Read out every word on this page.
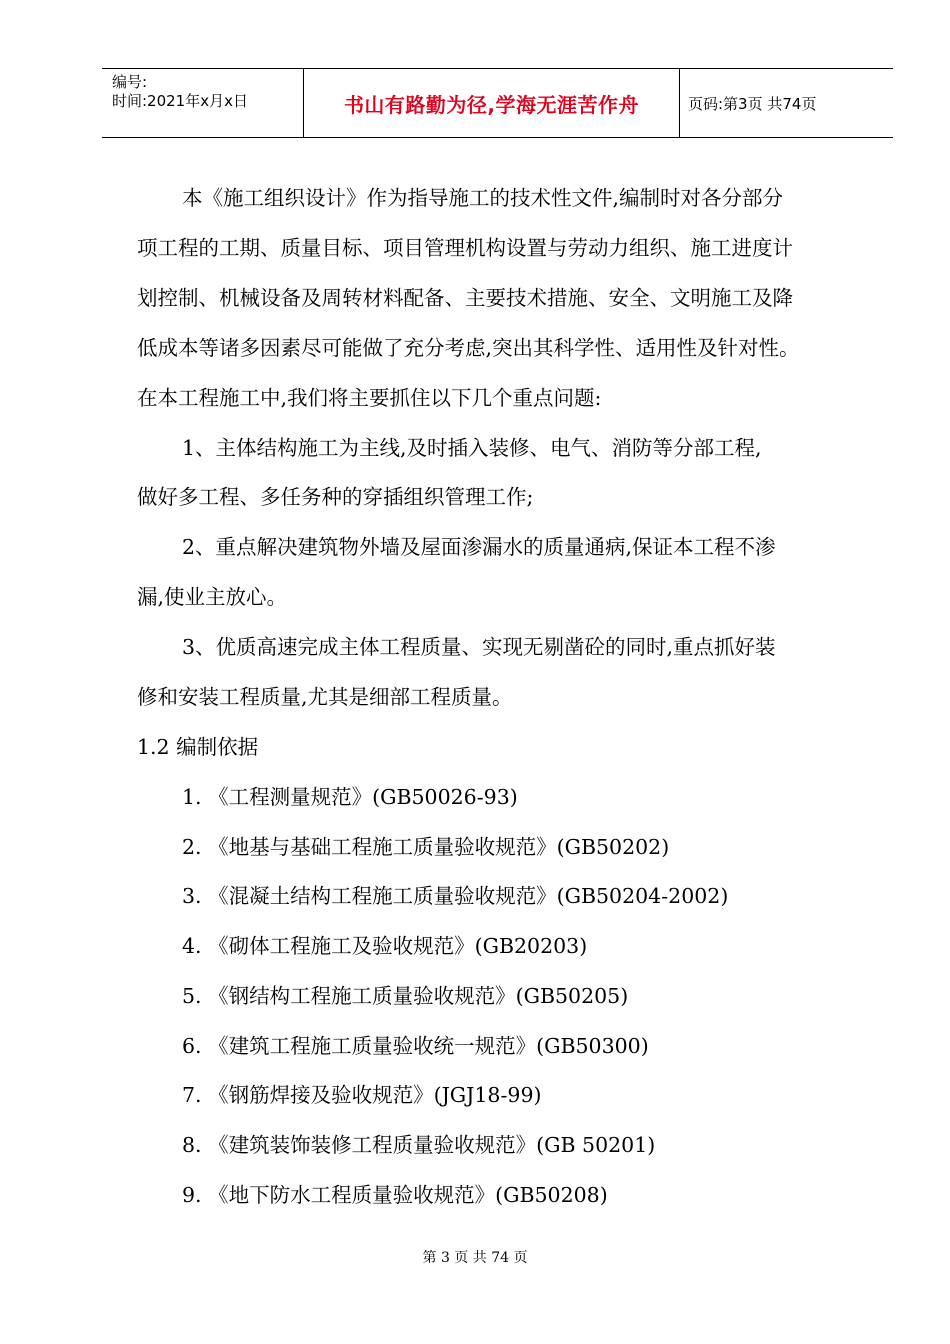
编号:
时间:2021年x月x日	书山有路勤为径,学海无涯苦作舟	页码:第3页 共74页
本《施工组织设计》作为指导施工的技术性文件,编制时对各分部分
项工程的工期、质量目标、项目管理机构设置与劳动力组织、施工进度计
划控制、机械设备及周转材料配备、主要技术措施、安全、文明施工及降
低成本等诸多因素尽可能做了充分考虑,突出其科学性、适用性及针对性。
在本工程施工中,我们将主要抓住以下几个重点问题:
1、主体结构施工为主线,及时插入装修、电气、消防等分部工程,
做好多工程、多任务种的穿插组织管理工作;
2、重点解决建筑物外墙及屋面渗漏水的质量通病,保证本工程不渗
漏,使业主放心。
3、优质高速完成主体工程质量、实现无剔凿砼的同时,重点抓好装
修和安装工程质量,尤其是细部工程质量。
1.2 编制依据
1. 《工程测量规范》(GB50026-93)
2. 《地基与基础工程施工质量验收规范》(GB50202)
3. 《混凝土结构工程施工质量验收规范》(GB50204-2002)
4. 《砌体工程施工及验收规范》(GB20203)
5. 《钢结构工程施工质量验收规范》(GB50205)
6. 《建筑工程施工质量验收统一规范》(GB50300)
7. 《钢筋焊接及验收规范》(JGJ18-99)
8. 《建筑装饰装修工程质量验收规范》(GB 50201)
9. 《地下防水工程质量验收规范》(GB50208)
第 3 页 共 74 页
